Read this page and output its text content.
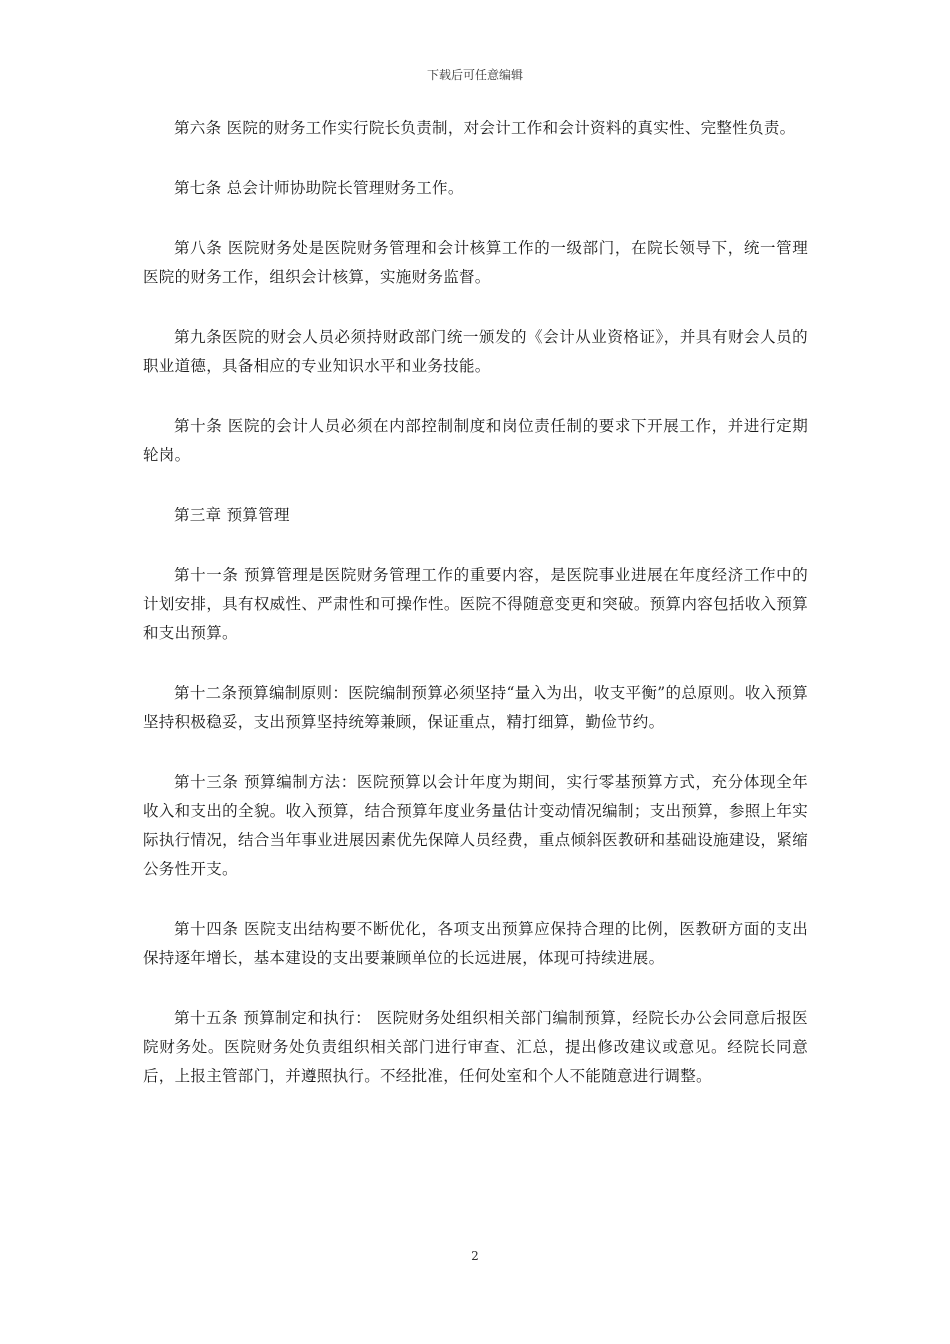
下载后可任意编辑

第六条 医院的财务工作实行院长负责制，对会计工作和会计资料的真实性、完整性负责。

第七条 总会计师协助院长管理财务工作。

第八条 医院财务处是医院财务管理和会计核算工作的一级部门，在院长领导下，统一管理医院的财务工作，组织会计核算，实施财务监督。

第九条医院的财会人员必须持财政部门统一颁发的《会计从业资格证》，并具有财会人员的职业道德，具备相应的专业知识水平和业务技能。

第十条 医院的会计人员必须在内部控制制度和岗位责任制的要求下开展工作，并进行定期轮岗。

第三章 预算管理

第十一条 预算管理是医院财务管理工作的重要内容，是医院事业进展在年度经济工作中的计划安排，具有权威性、严肃性和可操作性。医院不得随意变更和突破。预算内容包括收入预算和支出预算。

第十二条预算编制原则：医院编制预算必须坚持“量入为出，收支平衡”的总原则。收入预算坚持积极稳妥，支出预算坚持统筹兼顾，保证重点，精打细算，勤俭节约。

第十三条 预算编制方法：医院预算以会计年度为期间，实行零基预算方式，充分体现全年收入和支出的全貌。收入预算，结合预算年度业务量估计变动情况编制；支出预算，参照上年实际执行情况，结合当年事业进展因素优先保障人员经费，重点倾斜医教研和基础设施建设，紧缩公务性开支。

第十四条 医院支出结构要不断优化，各项支出预算应保持合理的比例，医教研方面的支出保持逐年增长，基本建设的支出要兼顾单位的长远进展，体现可持续进展。

第十五条 预算制定和执行： 医院财务处组织相关部门编制预算，经院长办公会同意后报医院财务处。医院财务处负责组织相关部门进行审查、汇总，提出修改建议或意见。经院长同意后，上报主管部门，并遵照执行。不经批准，任何处室和个人不能随意进行调整。

2
